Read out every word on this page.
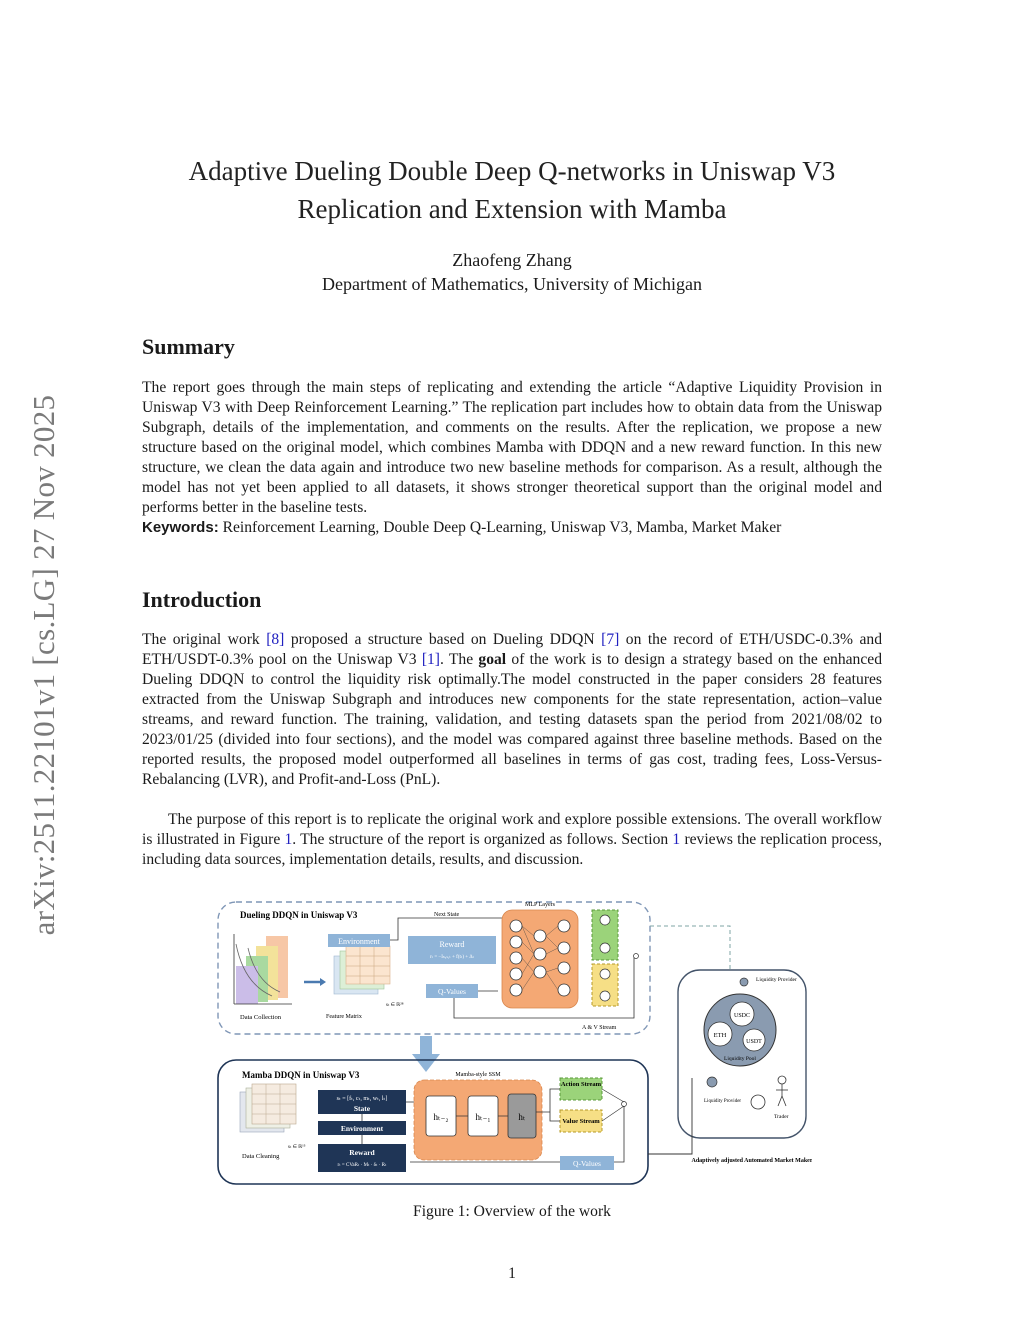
arXiv:2511.22101v1 [cs.LG] 27 Nov 2025
Adaptive Dueling Double Deep Q-networks in Uniswap V3
Replication and Extension with Mamba
Zhaofeng Zhang
Department of Mathematics, University of Michigan
Summary

The report goes through the main steps of replicating and extending the article “Adaptive Liquidity Provision in Uniswap V3 with Deep Reinforcement Learning.” The replication part includes how to obtain data from the Uniswap Subgraph, details of the implementation, and comments on the results. After the replication, we propose a new structure based on the original model, which combines Mamba with DDQN and a new reward function. In this new structure, we clean the data again and introduce two new baseline methods for comparison. As a result, although the model has not yet been applied to all datasets, it shows stronger theoretical support than the original model and performs better in the baseline tests.
Keywords: Reinforcement Learning, Double Deep Q-Learning, Uniswap V3, Mamba, Market Maker

Introduction

The original work [8] proposed a structure based on Dueling DDQN [7] on the record of ETH/USDC-0.3% and ETH/USDT-0.3% pool on the Uniswap V3 [1]. The goal of the work is to design a strategy based on the enhanced Dueling DDQN to control the liquidity risk optimally.The model constructed in the paper considers 28 features extracted from the Uniswap Subgraph and introduces new components for the state representation, action–value streams, and reward function. The training, validation, and testing datasets span the period from 2021/08/02 to 2023/01/25 (divided into four sections), and the model was compared against three baseline methods. Based on the reported results, the proposed model outperformed all baselines in terms of gas cost, trading fees, Loss-Versus-Rebalancing (LVR), and Profit-and-Loss (PnL).

The purpose of this report is to replicate the original work and explore possible extensions. The overall workflow is illustrated in Figure 1. The structure of the report is organized as follows. Section 1 reviews the replication process, including data sources, implementation details, results, and discussion.

Dueling DDQN in Uniswap V3
Data Collection	Feature Matrix
sₜ ∈ ℝ²⁸
Environment
Next State
Reward
rₜ = −Iₕₐₛ,ₜ + f(tₜ) + Δₜ
Q-Values
MLP Layers
A & V Stream
Liquidity Provider
USDC
ETH
USDT
Liquidity Pool
Liquidity Provider
Trader
Mamba DDQN in Uniswap V3
Data Cleaning
sₜ ∈ ℝ¹⁵
sₜ = [fₜ, cₜ, mₜ, wₜ, lₜ]
State
Environment
Reward
rₜ = CVaRₜ · Mₜ · δₜ · Rₜ
Mamba-style SSM
hₜ₋₂	hₜ₋₁	hₜ
Action Stream
Value Stream
Q-Values	Adaptively adjusted Automated Market Maker
Figure 1: Overview of the work
1
